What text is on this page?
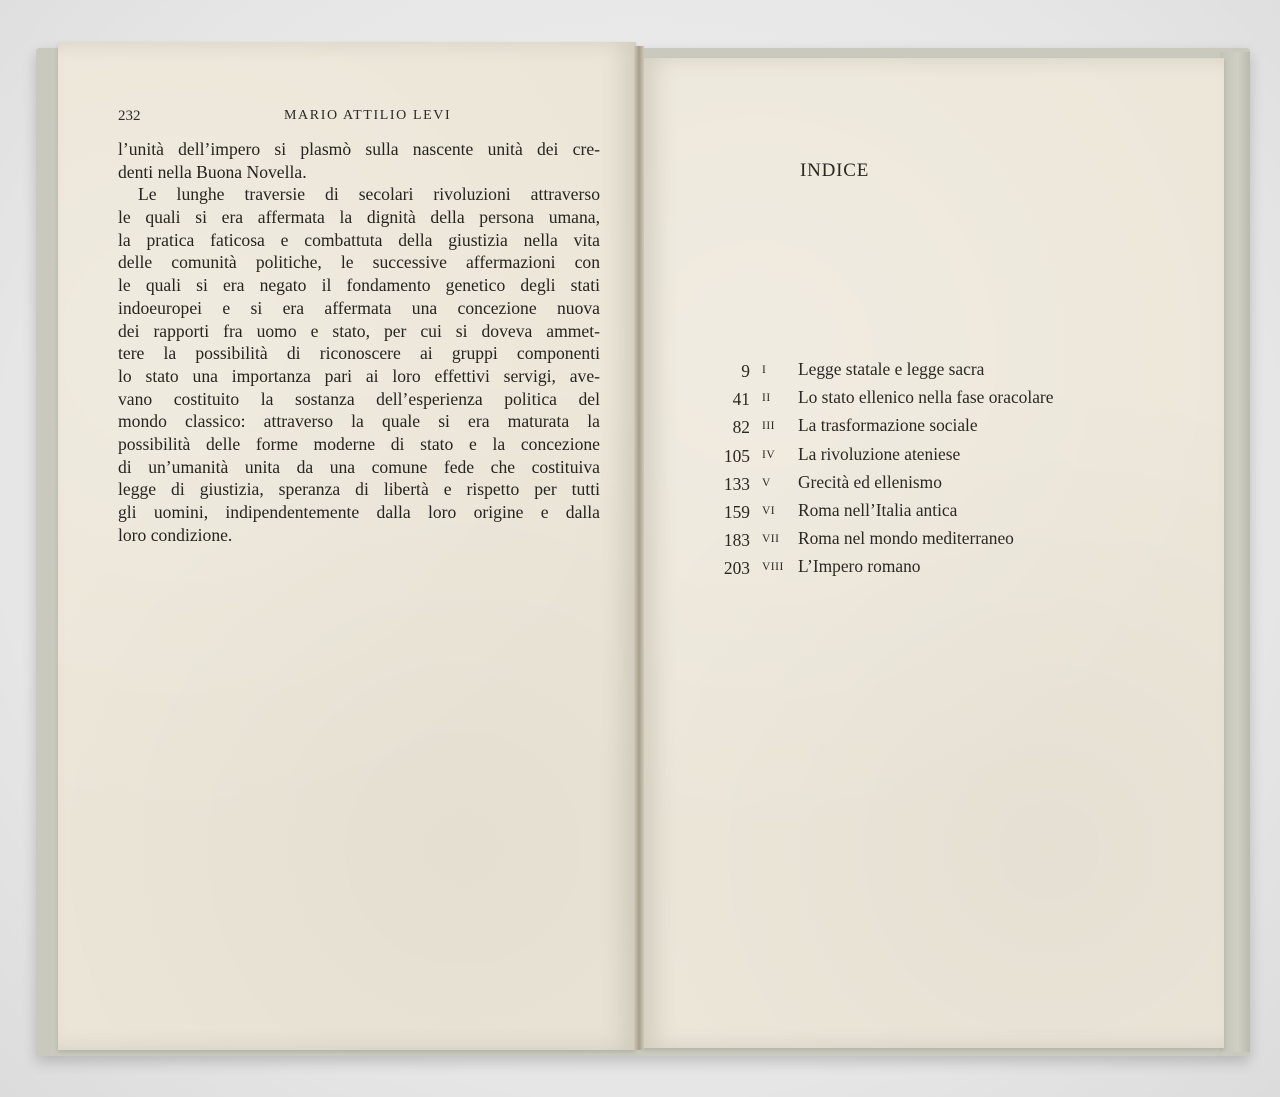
232	MARIO ATTILIO LEVI
l’unità dell’impero si plasmò sulla nascente unità dei cre-
denti nella Buona Novella.
Le lunghe traversie di secolari rivoluzioni attraverso
le quali si era affermata la dignità della persona umana,
la pratica faticosa e combattuta della giustizia nella vita
delle comunità politiche, le successive affermazioni con
le quali si era negato il fondamento genetico degli stati
indoeuropei e si era affermata una concezione nuova
dei rapporti fra uomo e stato, per cui si doveva ammet-
tere la possibilità di riconoscere ai gruppi componenti
lo stato una importanza pari ai loro effettivi servigi, ave-
vano costituito la sostanza dell’esperienza politica del
mondo classico: attraverso la quale si era maturata la
possibilità delle forme moderne di stato e la concezione
di un’umanità unita da una comune fede che costituiva
legge di giustizia, speranza di libertà e rispetto per tutti
gli uomini, indipendentemente dalla loro origine e dalla
loro condizione.
INDICE
9 I Legge statale e legge sacra
41 II Lo stato ellenico nella fase oracolare
82 III La trasformazione sociale
105 IV La rivoluzione ateniese
133 V Grecità ed ellenismo
159 VI Roma nell’Italia antica
183 VII Roma nel mondo mediterraneo
203 VIII L’Impero romano
